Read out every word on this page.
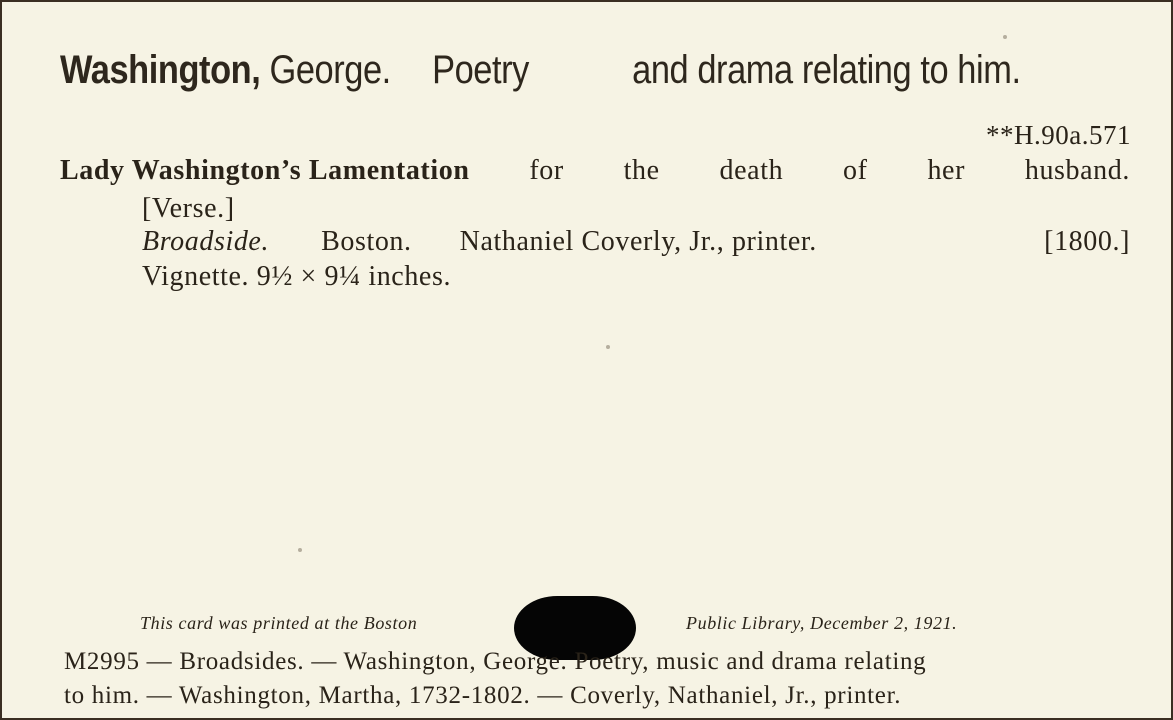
Washington, George. Poetry	and drama relating to him.
**H.90a.571
Lady Washington’s Lamentation for the death of her husband.
[Verse.]
Broadside. Boston. Nathaniel Coverly, Jr., printer.	[1800.]
Vignette. 9½ × 9¼ inches.
This card was printed at the Boston	Public Library, December 2, 1921.
M2995 — Broadsides. — Washington, George. Poetry, music and drama relating
to him. — Washington, Martha, 1732-1802. — Coverly, Nathaniel, Jr., printer.
